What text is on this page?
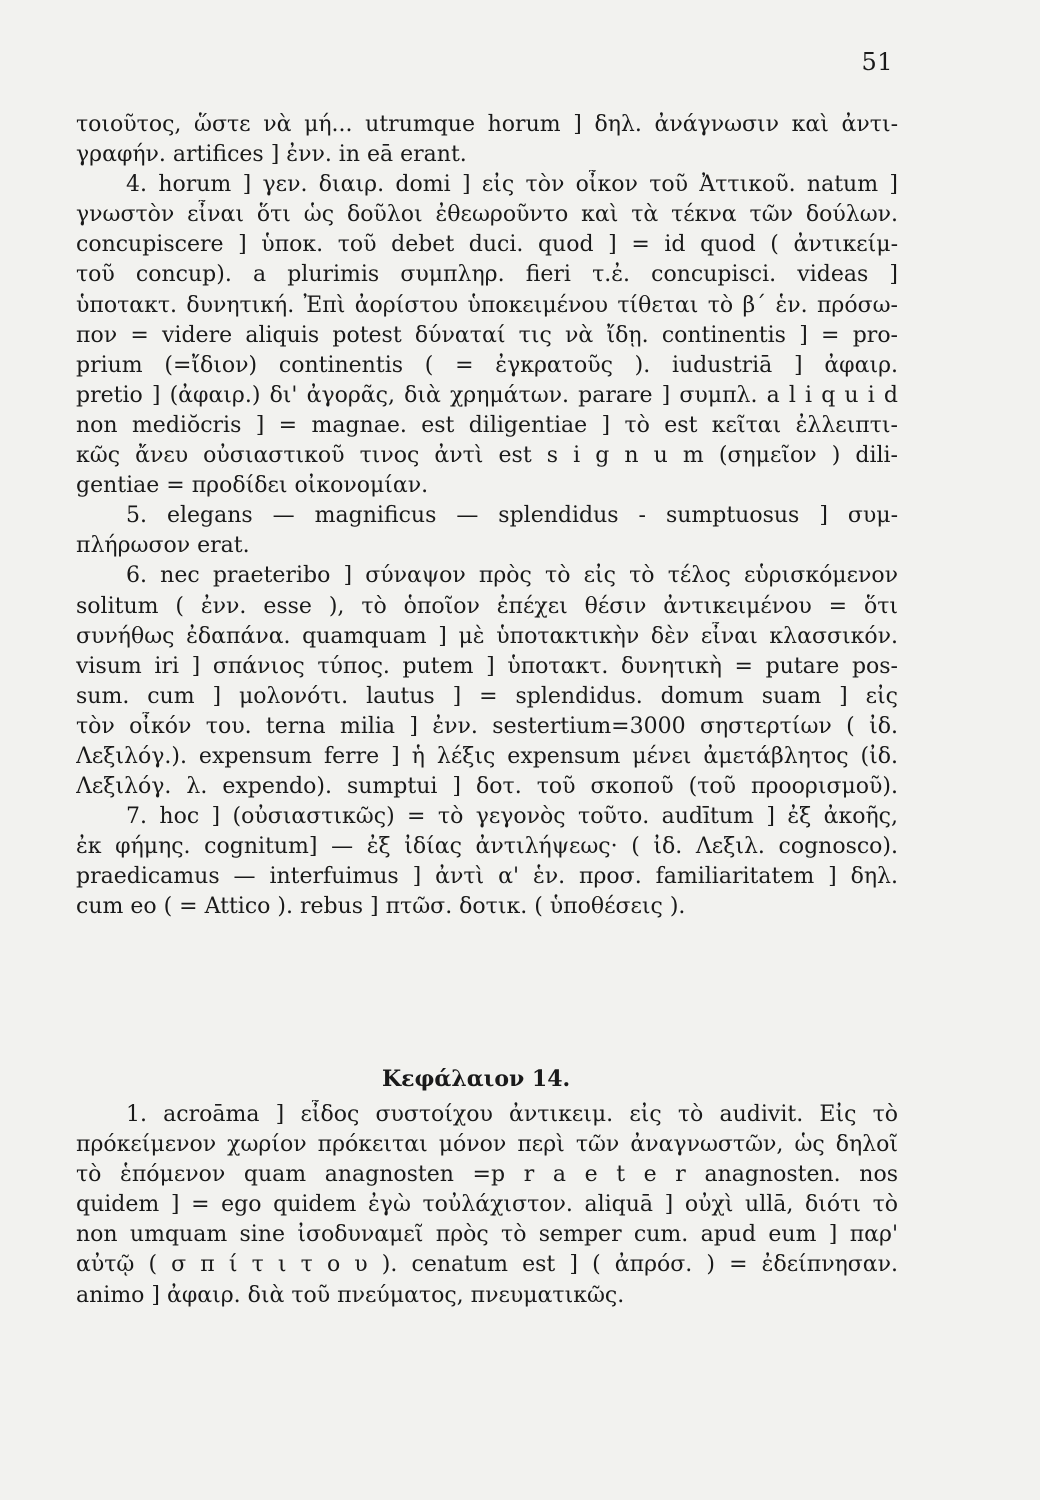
51
τοιοῦτος, ὥστε νὰ μή... utrumque horum ] δηλ. ἀνάγνωσιν καὶ ἀντι-
γραφήν. artifices ] ἐνν. in eā erant.
4. horum ] γεν. διαιρ. domi ] εἰς τὸν οἶκον τοῦ Ἀττικοῦ. natum ]
γνωστὸν εἶναι ὅτι ὡς δοῦλοι ἐθεωροῦντο καὶ τὰ τέκνα τῶν δούλων.
concupiscere ] ὑποκ. τοῦ debet duci. quod ] = id quod ( ἀντικείμ-
τοῦ concup). a plurimis συμπληρ. fieri τ.ἐ. concupisci. videas ]
ὑποτακτ. δυνητική. Ἐπὶ ἀορίστου ὑποκειμένου τίθεται τὸ β΄ ἑν. πρόσω-
πον = videre aliquis potest δύναταί τις νὰ ἴδῃ. continentis ] = pro-
prium (=ἴδιον) continentis ( = ἐγκρατοῦς ). iudustriā ] ἀφαιρ.
pretio ] (ἀφαιρ.) δι' ἀγορᾶς, διὰ χρημάτων. parare ] συμπλ. a l i q u i d
non mediŏcris ] = magnae. est diligentiae ] τὸ est κεῖται ἐλλειπτι-
κῶς ἄνευ οὐσιαστικοῦ τινος ἀντὶ est s i g n u m (σημεῖον ) dili-
gentiae = προδίδει οἰκονομίαν.
5. elegans — magnificus — splendidus - sumptuosus ] συμ-
πλήρωσον erat.
6. nec praeteribo ] σύναψον πρὸς τὸ εἰς τὸ τέλος εὑρισκόμενον
solitum ( ἐνν. esse ), τὸ ὁποῖον ἐπέχει θέσιν ἀντικειμένου = ὅτι
συνήθως ἐδαπάνα. quamquam ] μὲ ὑποτακτικὴν δὲν εἶναι κλασσικόν.
visum iri ] σπάνιος τύπος. putem ] ὑποτακτ. δυνητικὴ = putare pos-
sum. cum ] μολονότι. lautus ] = splendidus. domum suam ] εἰς
τὸν οἶκόν του. terna milia ] ἐνν. sestertium=3000 σηστερτίων ( ἰδ.
Λεξιλόγ.). expensum ferre ] ἡ λέξις expensum μένει ἀμετάβλητος (ἰδ.
Λεξιλόγ. λ. expendo). sumptui ] δοτ. τοῦ σκοποῦ (τοῦ προορισμοῦ).
7. hoc ] (οὐσιαστικῶς) = τὸ γεγονὸς τοῦτο. audītum ] ἐξ ἀκοῆς,
ἐκ φήμης. cognitum] — ἐξ ἰδίας ἀντιλήψεως· ( ἰδ. Λεξιλ. cognosco).
praedicamus — interfuimus ] ἀντὶ α' ἑν. προσ. familiaritatem ] δηλ.
cum eo ( = Attico ). rebus ] πτῶσ. δοτικ. ( ὑποθέσεις ).
Κεφάλαιον 14.
1. acroāma ] εἶδος συστοίχου ἀντικειμ. εἰς τὸ audivit. Εἰς τὸ
πρόκείμενον χωρίον πρόκειται μόνον περὶ τῶν ἀναγνωστῶν, ὡς δηλοῖ
τὸ ἑπόμενον quam anagnosten =p r a e t e r anagnosten. nos
quidem ] = ego quidem ἐγὼ τοὐλάχιστον. aliquā ] οὐχὶ ullā, διότι τὸ
non umquam sine ἰσοδυναμεῖ πρὸς τὸ semper cum. apud eum ] παρ'
αὐτῷ ( σ π ί τ ι τ ο υ ). cenatum est ] ( ἀπρόσ. ) = ἐδείπνησαν.
animo ] ἀφαιρ. διὰ τοῦ πνεύματος, πνευματικῶς.
